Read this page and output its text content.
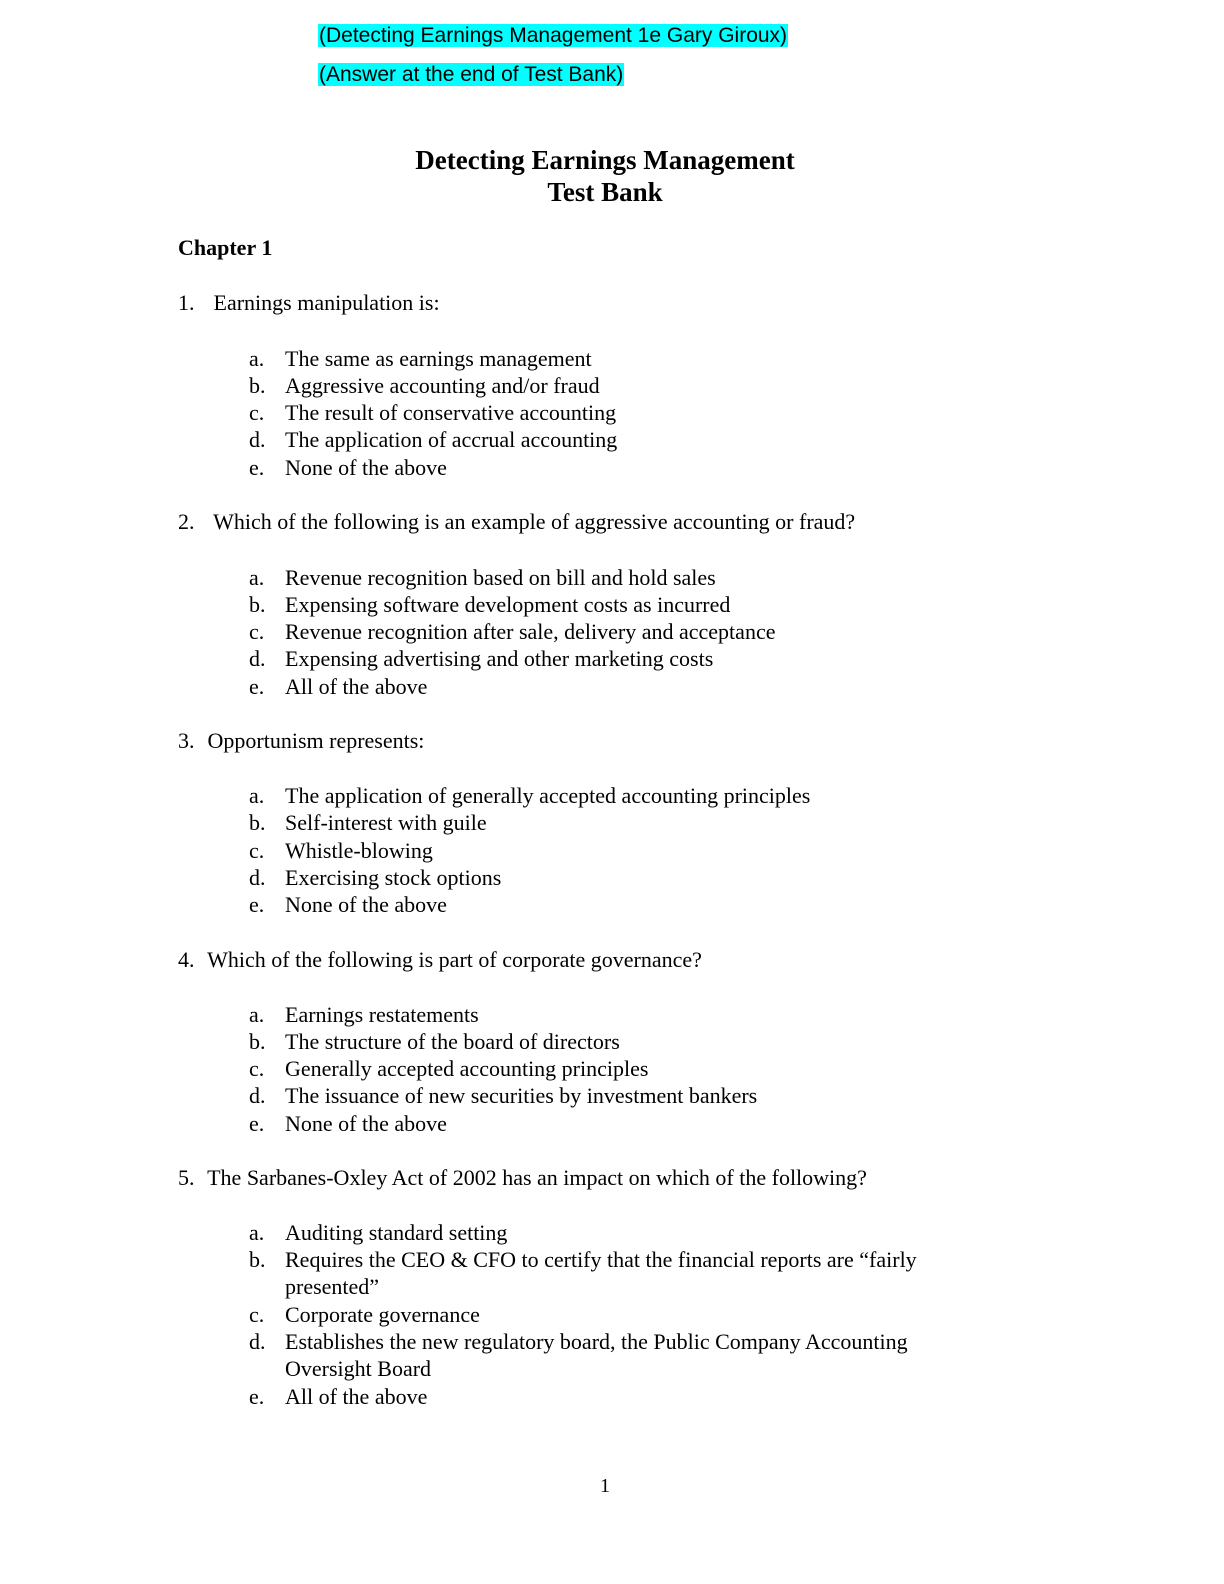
(Detecting Earnings Management 1e Gary Giroux)
(Answer at the end of Test Bank)
Detecting Earnings Management
Test Bank
Chapter 1
1. Earnings manipulation is:
a. The same as earnings management
b. Aggressive accounting and/or fraud
c. The result of conservative accounting
d. The application of accrual accounting
e. None of the above
2. Which of the following is an example of aggressive accounting or fraud?
a. Revenue recognition based on bill and hold sales
b. Expensing software development costs as incurred
c. Revenue recognition after sale, delivery and acceptance
d. Expensing advertising and other marketing costs
e. All of the above
3. Opportunism represents:
a. The application of generally accepted accounting principles
b. Self-interest with guile
c. Whistle-blowing
d. Exercising stock options
e. None of the above
4. Which of the following is part of corporate governance?
a. Earnings restatements
b. The structure of the board of directors
c. Generally accepted accounting principles
d. The issuance of new securities by investment bankers
e. None of the above
5. The Sarbanes-Oxley Act of 2002 has an impact on which of the following?
a. Auditing standard setting
b. Requires the CEO & CFO to certify that the financial reports are “fairly presented”
c. Corporate governance
d. Establishes the new regulatory board, the Public Company Accounting Oversight Board
e. All of the above
1
